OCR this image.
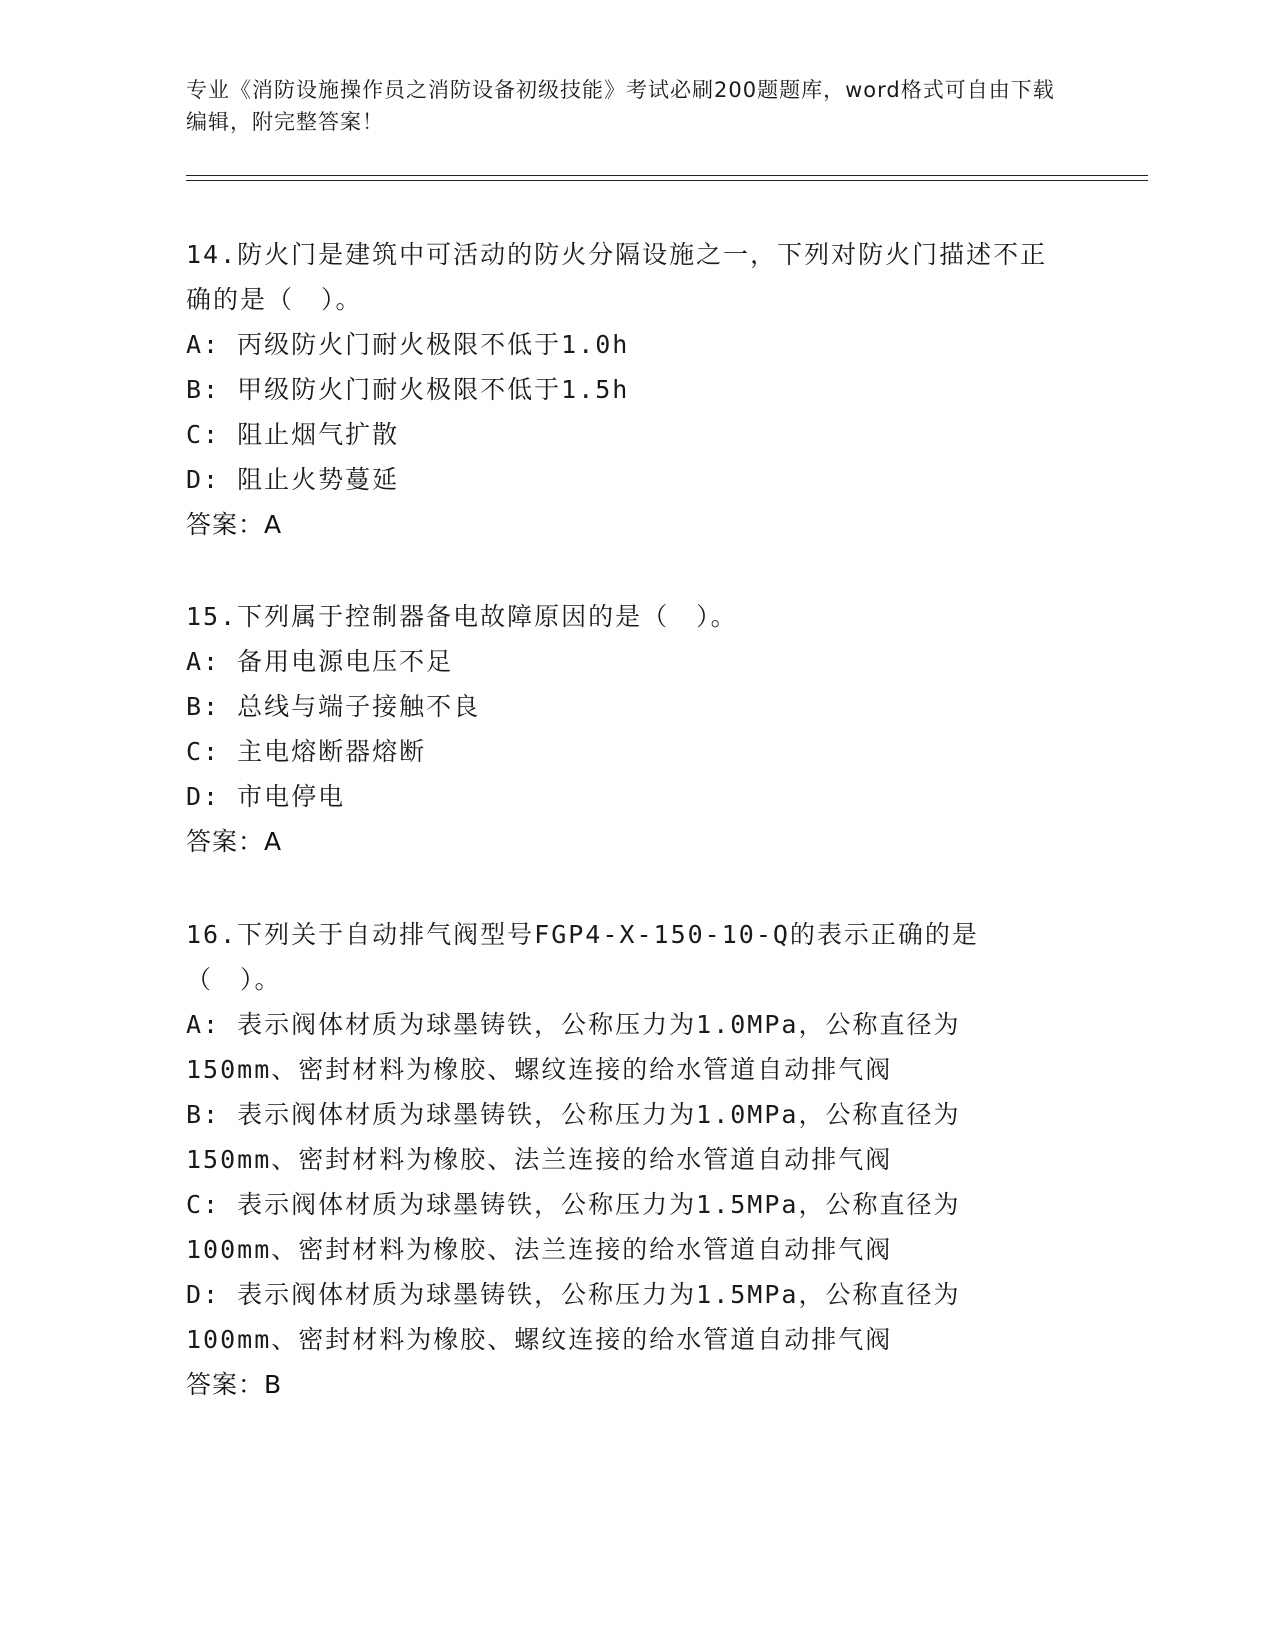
专业《消防设施操作员之消防设备初级技能》考试必刷200题题库，word格式可自由下载编辑，附完整答案！
14.防火门是建筑中可活动的防火分隔设施之一，下列对防火门描述不正确的是（　）。
A: 丙级防火门耐火极限不低于1.0h
B: 甲级防火门耐火极限不低于1.5h
C: 阻止烟气扩散
D: 阻止火势蔓延
答案：A
15.下列属于控制器备电故障原因的是（　）。
A: 备用电源电压不足
B: 总线与端子接触不良
C: 主电熔断器熔断
D: 市电停电
答案：A
16.下列关于自动排气阀型号FGP4-X-150-10-Q的表示正确的是（　）。
A: 表示阀体材质为球墨铸铁，公称压力为1.0MPa，公称直径为150mm、密封材料为橡胶、螺纹连接的给水管道自动排气阀
B: 表示阀体材质为球墨铸铁，公称压力为1.0MPa，公称直径为150mm、密封材料为橡胶、法兰连接的给水管道自动排气阀
C: 表示阀体材质为球墨铸铁，公称压力为1.5MPa，公称直径为100mm、密封材料为橡胶、法兰连接的给水管道自动排气阀
D: 表示阀体材质为球墨铸铁，公称压力为1.5MPa，公称直径为100mm、密封材料为橡胶、螺纹连接的给水管道自动排气阀
答案：B
